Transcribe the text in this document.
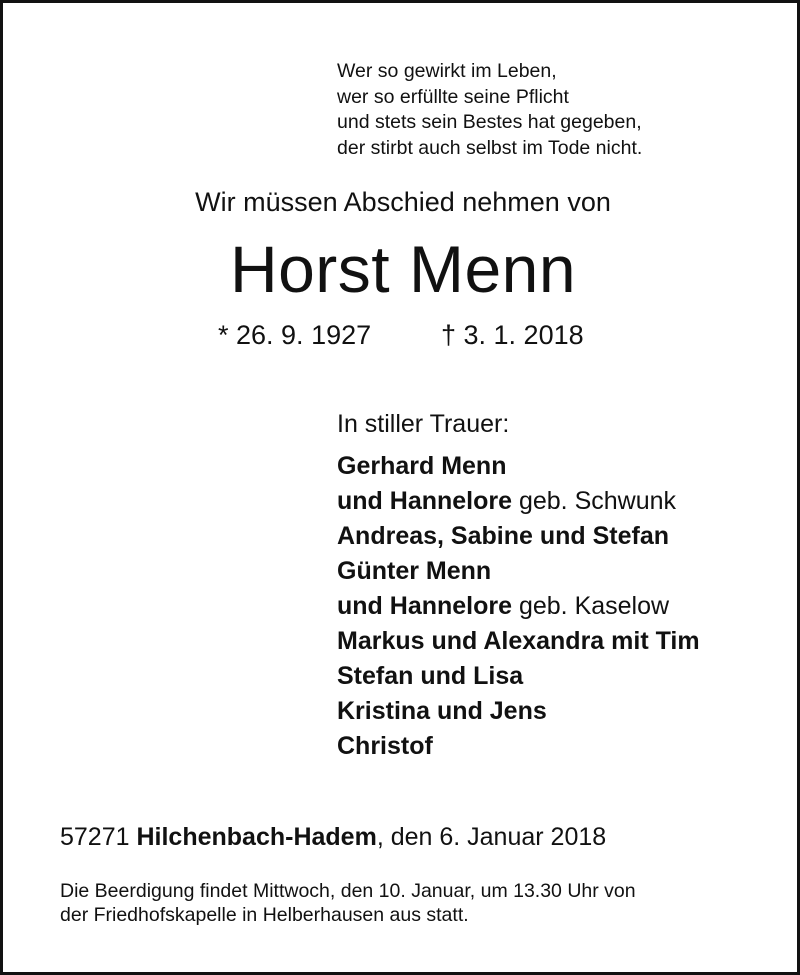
Wer so gewirkt im Leben,
wer so erfüllte seine Pflicht
und stets sein Bestes hat gegeben,
der stirbt auch selbst im Tode nicht.
Wir müssen Abschied nehmen von
Horst Menn
* 26. 9. 1927	† 3. 1. 2018
In stiller Trauer:
Gerhard Menn
und Hannelore geb. Schwunk
Andreas, Sabine und Stefan
Günter Menn
und Hannelore geb. Kaselow
Markus und Alexandra mit Tim
Stefan und Lisa
Kristina und Jens
Christof
57271 Hilchenbach-Hadem, den 6. Januar 2018
Die Beerdigung findet Mittwoch, den 10. Januar, um 13.30 Uhr von
der Friedhofskapelle in Helberhausen aus statt.
